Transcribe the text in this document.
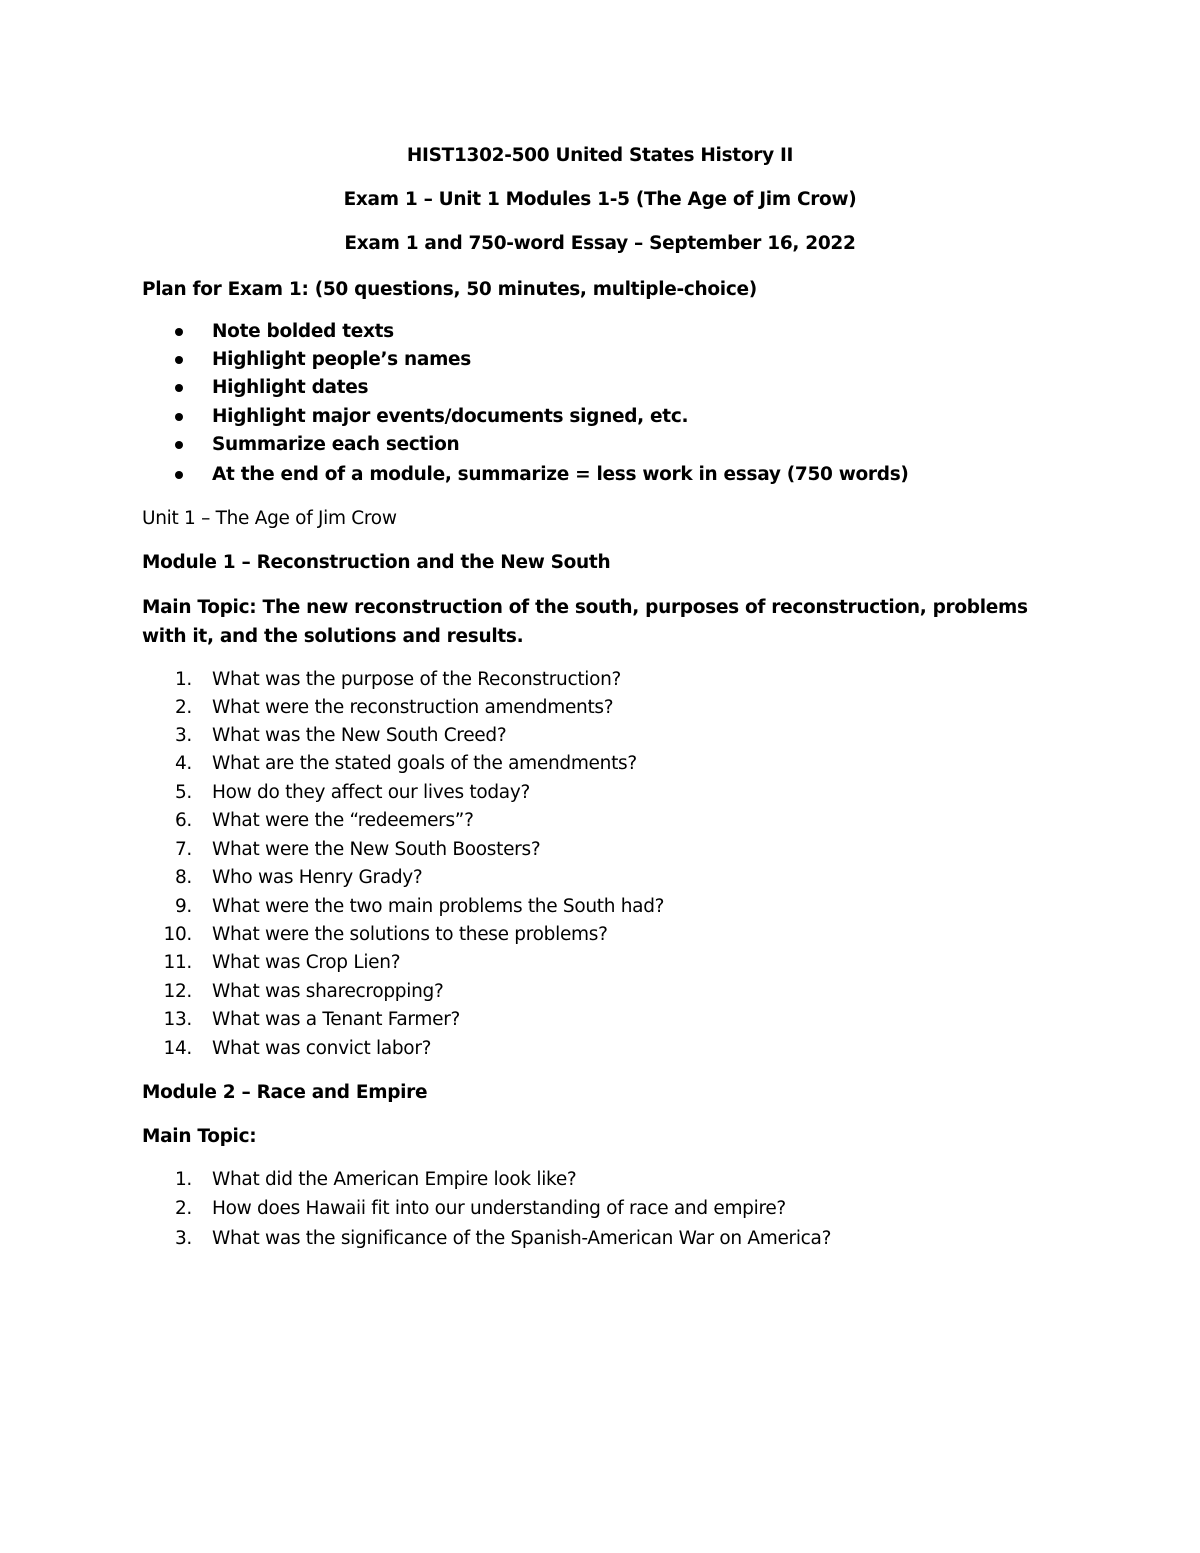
HIST1302-500 United States History II
Exam 1 – Unit 1 Modules 1-5 (The Age of Jim Crow)
Exam 1 and 750-word Essay – September 16, 2022
Plan for Exam 1: (50 questions, 50 minutes, multiple-choice)
Note bolded texts
Highlight people’s names
Highlight dates
Highlight major events/documents signed, etc.
Summarize each section
At the end of a module, summarize = less work in essay (750 words)
Unit 1 – The Age of Jim Crow
Module 1 – Reconstruction and the New South
Main Topic: The new reconstruction of the south, purposes of reconstruction, problems with it, and the solutions and results.
1. What was the purpose of the Reconstruction?
2. What were the reconstruction amendments?
3. What was the New South Creed?
4. What are the stated goals of the amendments?
5. How do they affect our lives today?
6. What were the “redeemers”?
7. What were the New South Boosters?
8. Who was Henry Grady?
9. What were the two main problems the South had?
10. What were the solutions to these problems?
11. What was Crop Lien?
12. What was sharecropping?
13. What was a Tenant Farmer?
14. What was convict labor?
Module 2 – Race and Empire
Main Topic:
1. What did the American Empire look like?
2. How does Hawaii fit into our understanding of race and empire?
3. What was the significance of the Spanish-American War on America?
